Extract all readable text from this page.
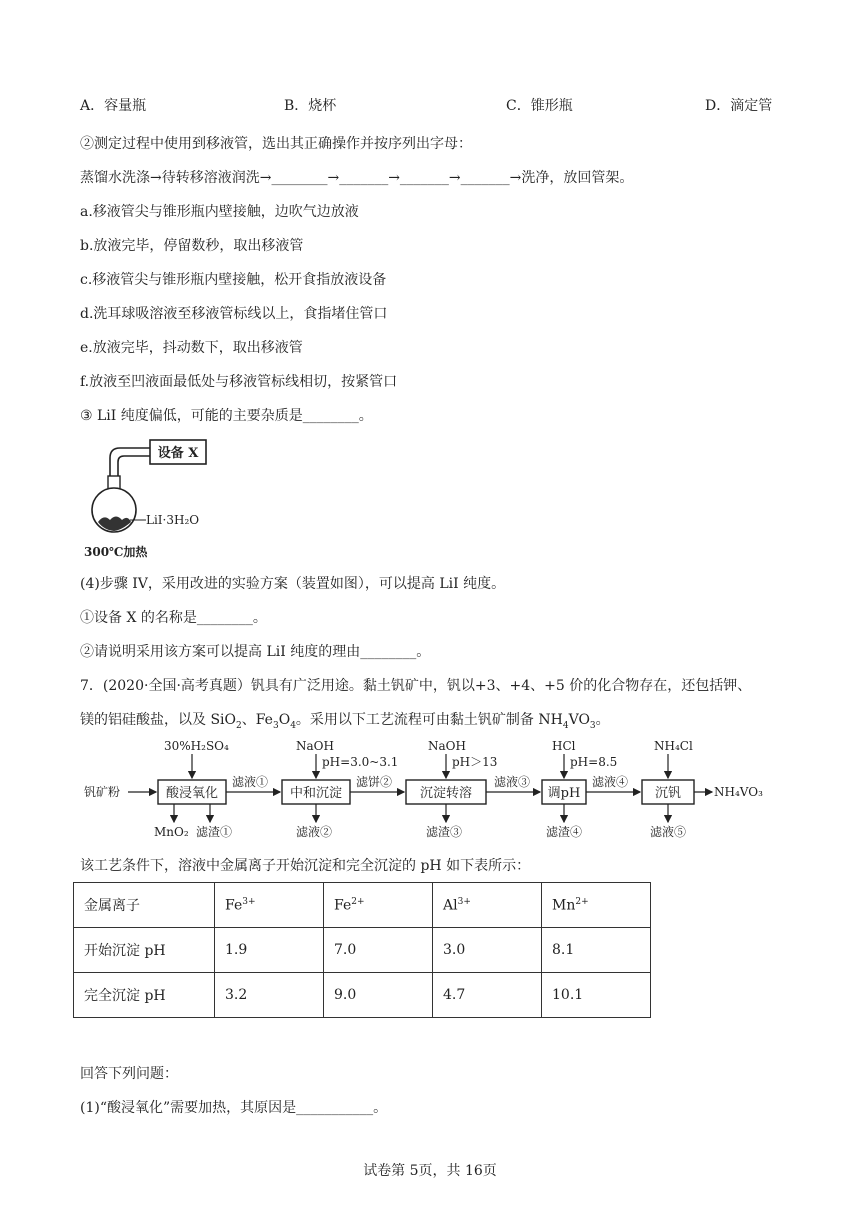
A．容量瓶	B．烧杯	C．锥形瓶	D．滴定管
②测定过程中使用到移液管，选出其正确操作并按序列出字母：
蒸馏水洗涤→待转移溶液润洗→________→_______→_______→_______→洗净，放回管架。
a.移液管尖与锥形瓶内壁接触，边吹气边放液
b.放液完毕，停留数秒，取出移液管
c.移液管尖与锥形瓶内壁接触，松开食指放液设备
d.洗耳球吸溶液至移液管标线以上，食指堵住管口
e.放液完毕，抖动数下，取出移液管
f.放液至凹液面最低处与移液管标线相切，按紧管口
③ LiI 纯度偏低，可能的主要杂质是________。
设备 X
LiI·3H₂O
300℃加热
(4)步骤 IV，采用改进的实验方案（装置如图），可以提高 LiI 纯度。
①设备 X 的名称是________。
②请说明采用该方案可以提高 LiI 纯度的理由________。
7．(2020·全国·高考真题）钒具有广泛用途。黏土钒矿中，钒以+3、+4、+5 价的化合物存在，还包括钾、
镁的铝硅酸盐，以及 SiO$_2$、$Fe_3O_4$。采用以下工艺流程可由黏土钒矿制备 $NH_4VO_3$。
钒矿粉	酸浸氧化
30%H₂SO₄
MnO₂ 滤渣①
滤液①
中和沉淀
NaOH
pH=3.0~3.1
滤液②
滤饼②
沉淀转溶
NaOH
pH＞13
滤渣③
滤液③
调pH
HCl
pH=8.5
滤渣④
滤液④
沉钒
NH₄Cl
滤液⑤
NH₄VO₃
该工艺条件下，溶液中金属离子开始沉淀和完全沉淀的 pH 如下表所示：
金属离子	$Fe^{3+}$	$Fe^{2+}$	$Al^{3+}$	$Mn^{2+}$
开始沉淀 pH	1.9	7.0	3.0	8.1
完全沉淀 pH	3.2	9.0	4.7	10.1
回答下列问题：
(1)“酸浸氧化”需要加热，其原因是___________。
试卷第 5页，共 16页
